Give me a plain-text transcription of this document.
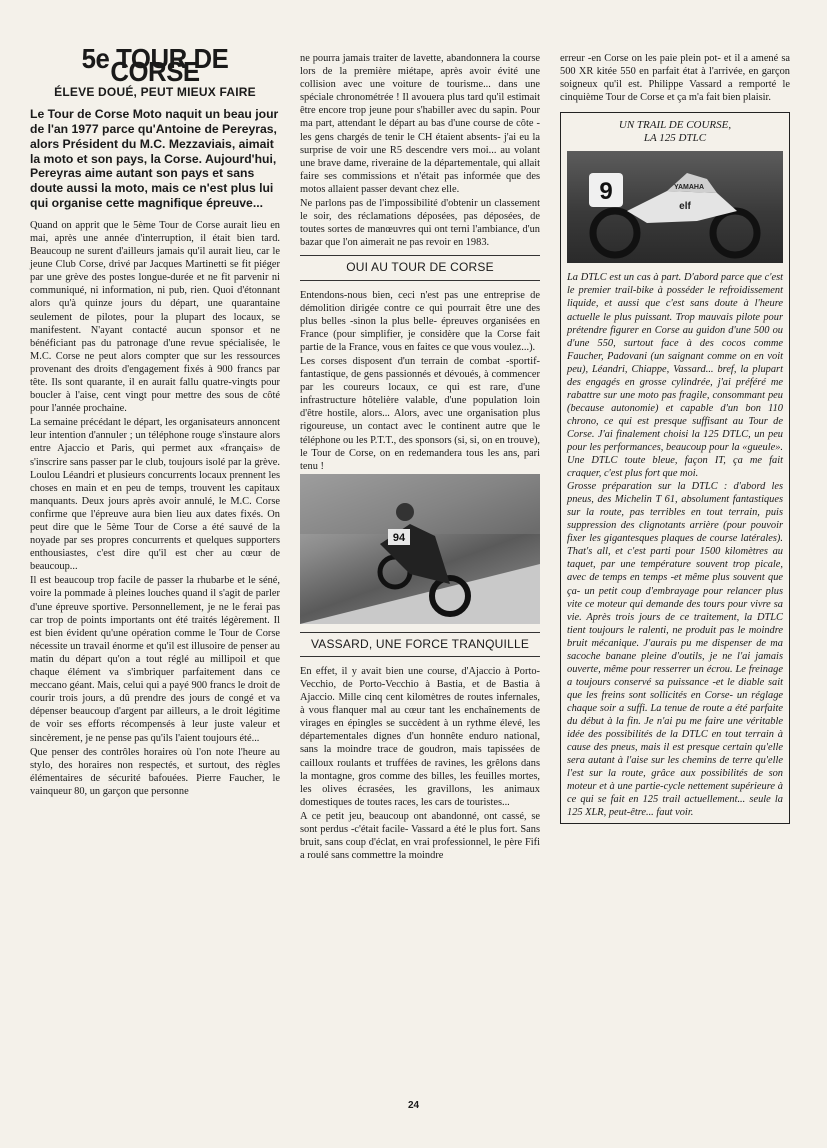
5e TOUR DE CORSE
ÉLEVE DOUÉ, PEUT MIEUX FAIRE
Le Tour de Corse Moto naquit un beau jour de l'an 1977 parce qu'Antoine de Pereyras, alors Président du M.C. Mezzaviais, aimait la moto et son pays, la Corse. Aujourd'hui, Pereyras aime autant son pays et sans doute aussi la moto, mais ce n'est plus lui qui organise cette magnifique épreuve...

Quand on apprit que le 5ème Tour de Corse aurait lieu en mai, après une année d'interruption, il était bien tard. Beaucoup ne surent d'ailleurs jamais qu'il aurait lieu, car le jeune Club Corse, drivé par Jacques Martinetti se fit piéger par une grève des postes longue-durée et ne fit parvenir ni communiqué, ni information, ni pub, rien. Quoi d'étonnant alors qu'à quinze jours du départ, une quarantaine seulement de pilotes, pour la plupart des locaux, se manifestent. N'ayant contacté aucun sponsor et ne bénéficiant pas du patronage d'une revue spécialisée, le M.C. Corse ne peut alors compter que sur les ressources provenant des droits d'engagement fixés à 900 francs par tête. Ils sont quarante, il en aurait fallu quatre-vingts pour boucler à l'aise, cent vingt pour mettre des sous de côté pour l'année prochaine.

La semaine précédant le départ, les organisateurs annoncent leur intention d'annuler ; un téléphone rouge s'instaure alors entre Ajaccio et Paris, qui permet aux «français» de s'inscrire sans passer par le club, toujours isolé par la grève. Loulou Léandri et plusieurs concurrents locaux prennent les choses en main et en peu de temps, trouvent les capitaux manquants. Deux jours après avoir annulé, le M.C. Corse confirme que l'épreuve aura bien lieu aux dates fixés. On peut dire que le 5ème Tour de Corse a été sauvé de la noyade par ses propres concurrents et quelques supporters enthousiastes, c'est dire qu'il est cher au cœur de beaucoup...

Il est beaucoup trop facile de passer la rhubarbe et le séné, voire la pommade à pleines louches quand il s'agit de parler d'une épreuve sportive. Personnellement, je ne le ferai pas car trop de points importants ont été traités légèrement. Il est bien évident qu'une opération comme le Tour de Corse nécessite un travail énorme et qu'il est illusoire de penser au matin du départ qu'on a tout réglé au millipoil et que chaque élément va s'imbriquer parfaitement dans ce meccano géant. Mais, celui qui a payé 900 francs le droit de courir trois jours, a dû prendre des jours de congé et va dépenser beaucoup d'argent par ailleurs, a le droit légitime de voir ses efforts récompensés à leur juste valeur et sincèrement, je ne pense pas qu'ils l'aient toujours été...

Que penser des contrôles horaires où l'on note l'heure au stylo, des horaires non respectés, et surtout, des règles élémentaires de sécurité bafouées. Pierre Faucher, le vainqueur 80, un garçon que personne

ne pourra jamais traiter de lavette, abandonnera la course lors de la première miétape, après avoir évité une collision avec une voiture de tourisme... dans une spéciale chronométrée ! Il avouera plus tard qu'il estimait être encore trop jeune pour s'habiller avec du sapin. Pour ma part, attendant le départ au bas d'une course de côte -les gens chargés de tenir le CH étaient absents- j'ai eu la surprise de voir une R5 descendre vers moi... au volant une brave dame, riveraine de la départementale, qui allait faire ses commissions et n'était pas informée que des motos allaient passer devant chez elle.

Ne parlons pas de l'impossibilité d'obtenir un classement le soir, des réclamations déposées, pas déposées, de toutes sortes de manœuvres qui ont terni l'ambiance, d'un bazar que l'on aimerait ne pas revoir en 1983.

OUI AU TOUR DE CORSE

Entendons-nous bien, ceci n'est pas une entreprise de démolition dirigée contre ce qui pourrait être une des plus belles -sinon la plus belle- épreuves organisées en France (pour simplifier, je considère que la Corse fait partie de la France, vous en faites ce que vous voulez...).

Les corses disposent d'un terrain de combat -sportif- fantastique, de gens passionnés et dévoués, à commencer par les coureurs locaux, ce qui est rare, d'une infrastructure hôtelière valable, d'une population loin d'être hostile, alors... Alors, avec une organisation plus rigoureuse, un contact avec le continent autre que le téléphone ou les P.T.T., des sponsors (si, si, on en trouve), le Tour de Corse, on en redemandera tous les ans, pari tenu !

94
VASSARD, UNE FORCE TRANQUILLE

En effet, il y avait bien une course, d'Ajaccio à Porto-Vecchio, de Porto-Vecchio à Bastia, et de Bastia à Ajaccio. Mille cinq cent kilomètres de routes infernales, à vous flanquer mal au cœur tant les enchaînements de virages en épingles se succèdent à un rythme élevé, les départementales dignes d'un honnête enduro national, sans la moindre trace de goudron, mais tapissées de cailloux roulants et truffées de ravines, les grêlons dans la montagne, gros comme des billes, les feuilles mortes, les olives écrasées, les gravillons, les animaux domestiques de toutes races, les cars de touristes...

A ce petit jeu, beaucoup ont abandonné, ont cassé, se sont perdus -c'était facile- Vassard a été le plus fort. Sans bruit, sans coup d'éclat, en vrai professionnel, le père Fifi a roulé sans commettre la moindre

erreur -en Corse on les paie plein pot- et il a amené sa 500 XR kitée 550 en parfait état à l'arrivée, en garçon soigneux qu'il est. Philippe Vassard a remporté le cinquième Tour de Corse et ça m'a fait bien plaisir.

UN TRAIL DE COURSE,
LA 125 DTLC
9	YAMAHA
elf

La DTLC est un cas à part. D'abord parce que c'est le premier trail-bike à posséder le refroidissement liquide, et aussi que c'est sans doute à l'heure actuelle le plus puissant. Trop mauvais pilote pour prétendre figurer en Corse au guidon d'une 500 ou d'une 550, surtout face à des cocos comme Faucher, Padovani (un saignant comme on en voit peu), Léandri, Chiappe, Vassard... bref, la plupart des engagés en grosse cylindrée, j'ai préféré me rabattre sur une moto pas fragile, consommant peu (because autonomie) et capable d'un bon 110 chrono, ce qui est presque suffisant au Tour de Corse. J'ai finalement choisi la 125 DTLC, un peu pour les performances, beaucoup pour la «gueule». Une DTLC toute bleue, façon IT, ça me fait craquer, c'est plus fort que moi.

Grosse préparation sur la DTLC : d'abord les pneus, des Michelin T 61, absolument fantastiques sur la route, pas terribles en tout terrain, puis suppression des clignotants arrière (pour pouvoir fixer les gigantesques plaques de course latérales). That's all, et c'est parti pour 1500 kilomètres au taquet, par une température souvent trop picale, avec de temps en temps -et même plus souvent que ça- un petit coup d'embrayage pour relancer plus vite ce moteur qui demande des tours pour vivre sa vie. Après trois jours de ce traitement, la DTLC tient toujours le ralenti, ne produit pas le moindre bruit mécanique. J'aurais pu me dispenser de ma sacoche banane pleine d'outils, je ne l'ai jamais ouverte, même pour resserrer un écrou. Le freinage a toujours conservé sa puissance -et le diable sait que les freins sont sollicités en Corse- un réglage chaque soir a suffi. La tenue de route a été parfaite du début à la fin. Je n'ai pu me faire une véritable idée des possibilités de la DTLC en tout terrain à cause des pneus, mais il est presque certain qu'elle sera autant à l'aise sur les chemins de terre qu'elle l'est sur la route, grâce aux possibilités de son moteur et à une partie-cycle nettement supérieure à ce qui se fait en 125 trail actuellement... seule la 125 XLR, peut-être... faut voir.

24
